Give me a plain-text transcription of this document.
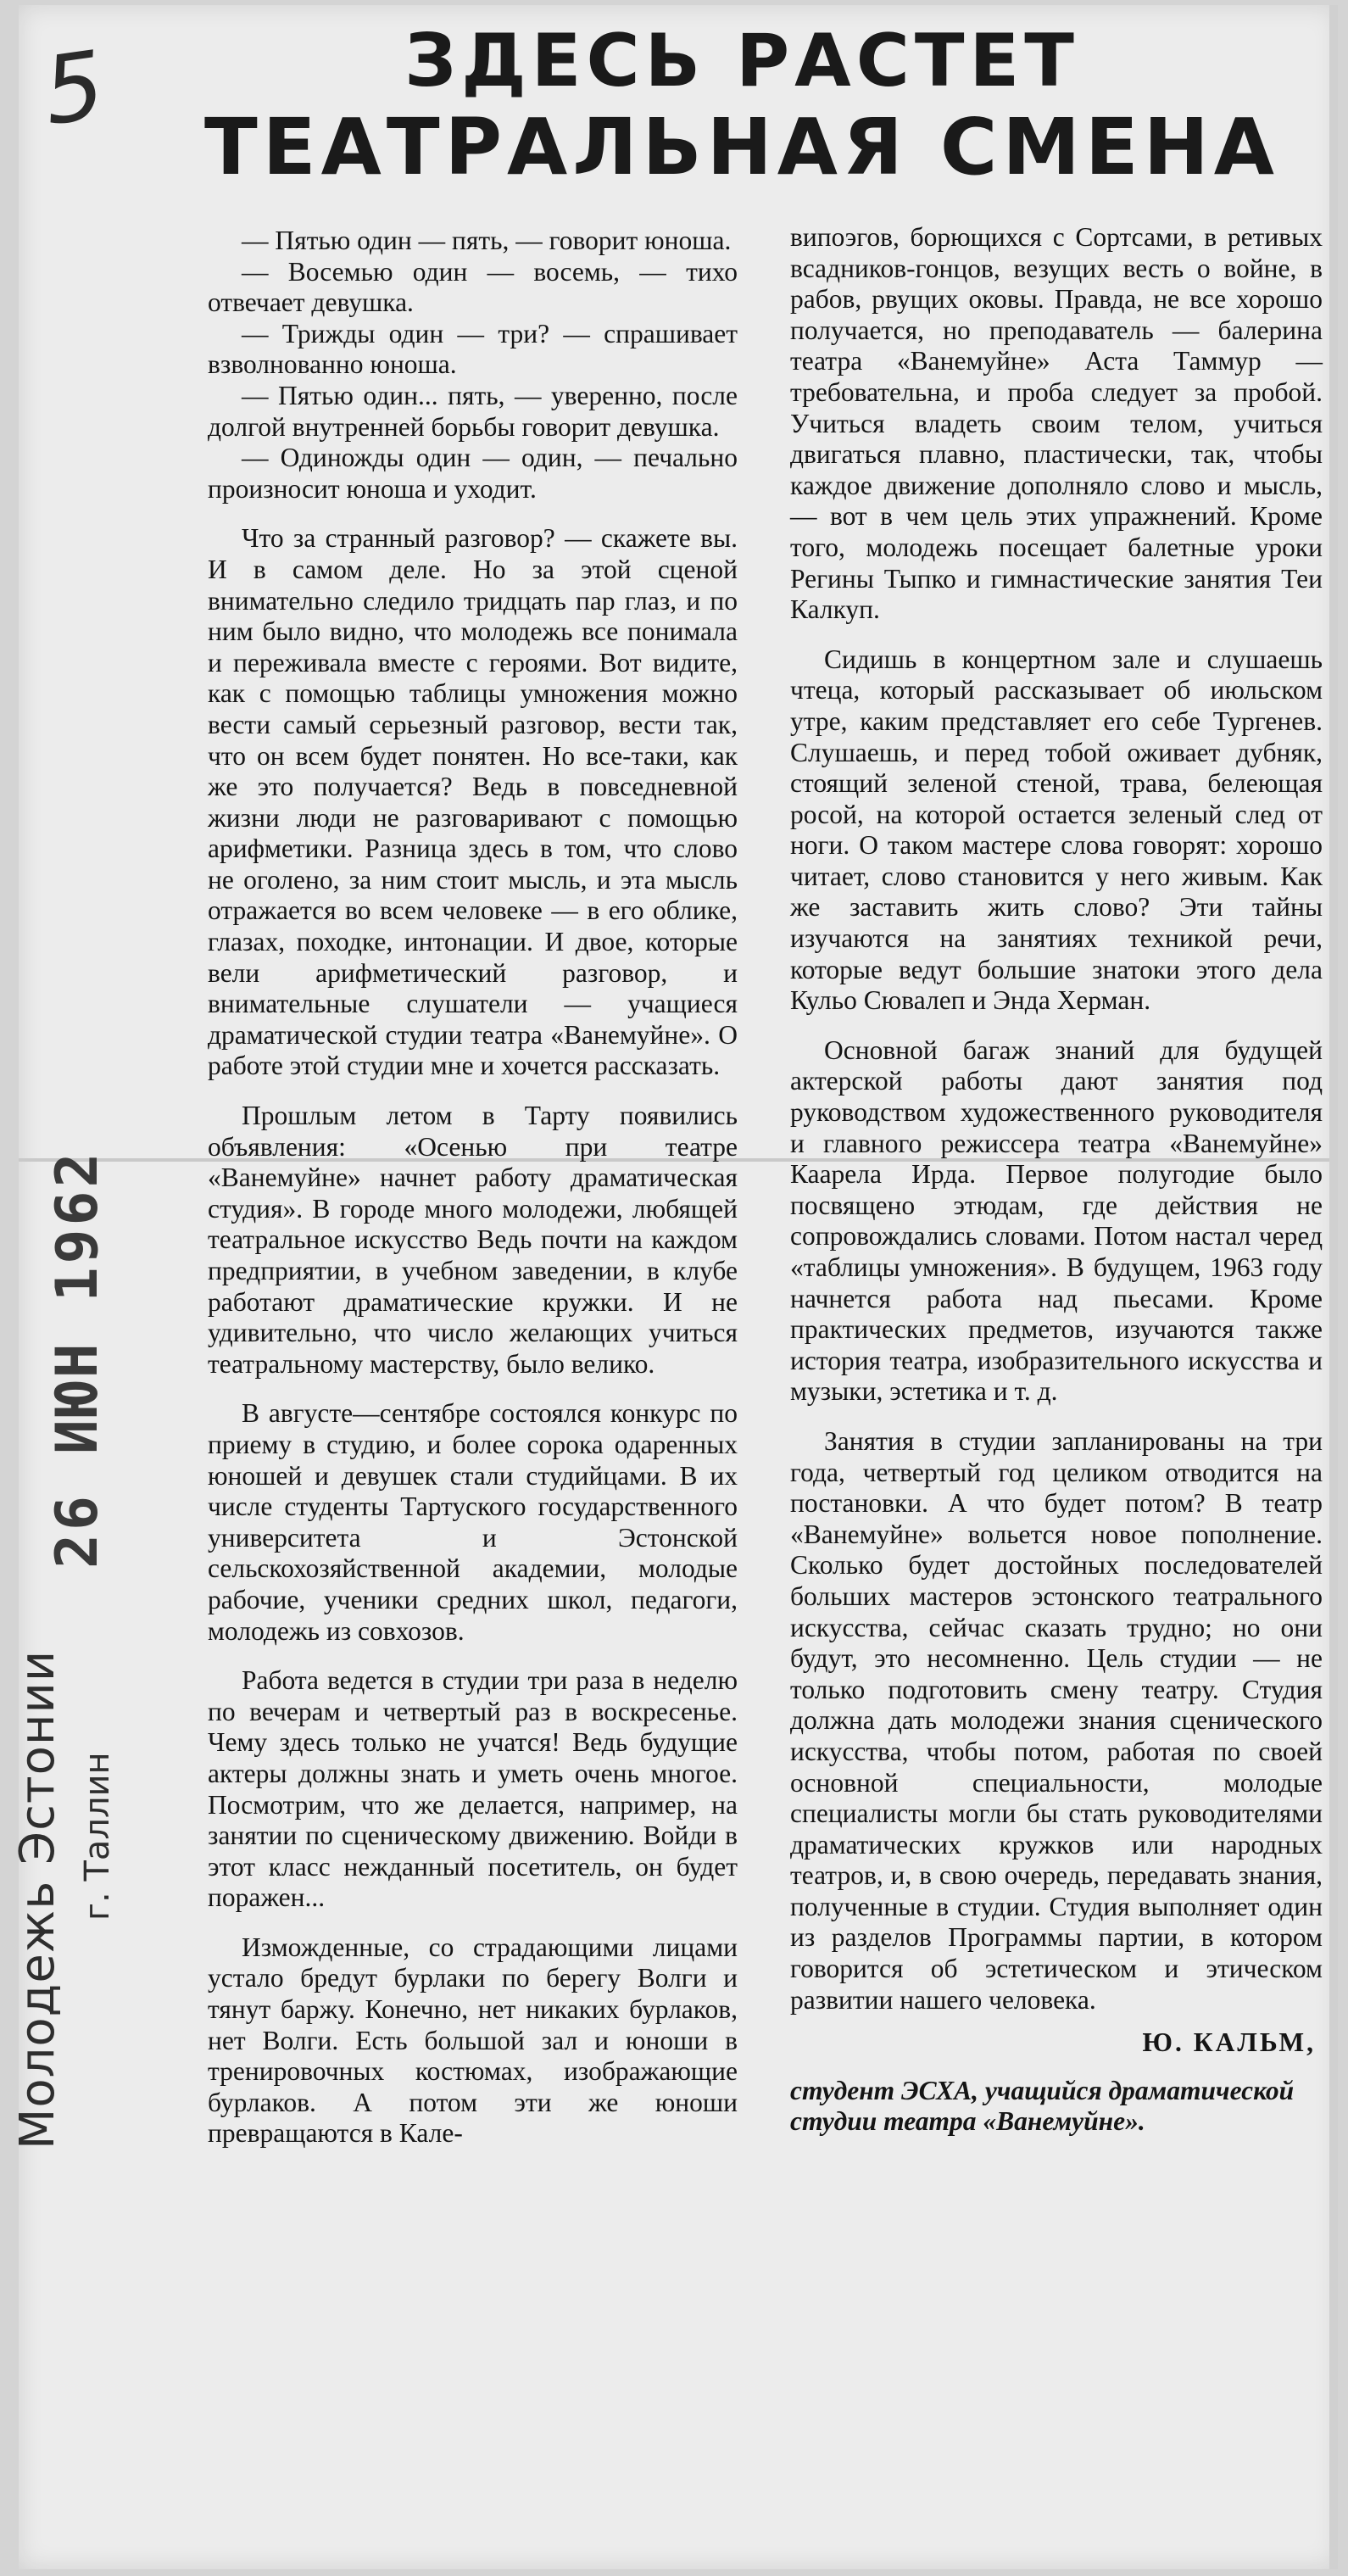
5	ЗДЕСЬ РАСТЕТ
ТЕАТРАЛЬНАЯ СМЕНА
Молодежь Эстонии г. Таллин
26 ИЮН 1962

— Пятью один — пять, — говорит юноша.

— Восемью один — восемь, — тихо отвечает девушка.

— Трижды один — три? — спрашивает взволнованно юноша.

— Пятью один... пять, — уверенно, после долгой внутренней борьбы говорит девушка.

— Одиножды один — один, — печально произносит юноша и уходит.

Что за странный разговор? — скажете вы. И в самом деле. Но за этой сценой внимательно следило тридцать пар глаз, и по ним было видно, что молодежь все понимала и переживала вместе с героями. Вот видите, как с помощью таблицы умножения можно вести самый серьезный разговор, вести так, что он всем будет понятен. Но все-таки, как же это получается? Ведь в повседневной жизни люди не разговаривают с помощью арифметики. Разница здесь в том, что слово не оголено, за ним стоит мысль, и эта мысль отражается во всем человеке — в его облике, глазах, походке, интонации. И двое, которые вели арифметический разговор, и внимательные слушатели — учащиеся драматической студии театра «Ванемуйне». О работе этой студии мне и хочется рассказать.

Прошлым летом в Тарту появились объявления: «Осенью при театре «Ванемуйне» начнет работу драматическая студия». В городе много молодежи, любящей театральное искусство Ведь почти на каждом предприятии, в учебном заведении, в клубе работают драматические кружки. И не удивительно, что число желающих учиться театральному мастерству, было велико.

В августе—сентябре состоялся конкурс по приему в студию, и более сорока одаренных юношей и девушек стали студийцами. В их числе студенты Тартуского государственного университета и Эстонской сельскохозяйственной академии, молодые рабочие, ученики средних школ, педагоги, молодежь из совхозов.

Работа ведется в студии три раза в неделю по вечерам и четвертый раз в воскресенье. Чему здесь только не учатся! Ведь будущие актеры должны знать и уметь очень многое. Посмотрим, что же делается, например, на занятии по сценическому движению. Войди в этот класс нежданный посетитель, он будет поражен...

Изможденные, со страдающими лицами устало бредут бурлаки по берегу Волги и тянут баржу. Конечно, нет никаких бурлаков, нет Волги. Есть большой зал и юноши в тренировочных костюмах, изображающие бурлаков. А потом эти же юноши превращаются в Кале-

випоэгов, борющихся с Сортсами, в ретивых всадников-гонцов, везущих весть о войне, в рабов, рвущих оковы. Правда, не все хорошо получается, но преподаватель — балерина театра «Ванемуйне» Аста Таммур — требовательна, и проба следует за пробой. Учиться владеть своим телом, учиться двигаться плавно, пластически, так, чтобы каждое движение дополняло слово и мысль, — вот в чем цель этих упражнений. Кроме того, молодежь посещает балетные уроки Регины Тыпко и гимнастические занятия Теи Калкуп.

Сидишь в концертном зале и слушаешь чтеца, который рассказывает об июльском утре, каким представляет его себе Тургенев. Слушаешь, и перед тобой оживает дубняк, стоящий зеленой стеной, трава, белеющая росой, на которой остается зеленый след от ноги. О таком мастере слова говорят: хорошо читает, слово становится у него живым. Как же заставить жить слово? Эти тайны изучаются на занятиях техникой речи, которые ведут большие знатоки этого дела Кульо Сювалеп и Энда Херман.

Основной багаж знаний для будущей актерской работы дают занятия под руководством художественного руководителя и главного режиссера театра «Ванемуйне» Каарела Ирда. Первое полугодие было посвящено этюдам, где действия не сопровождались словами. Потом настал черед «таблицы умножения». В будущем, 1963 году начнется работа над пьесами. Кроме практических предметов, изучаются также история театра, изобразительного искусства и музыки, эстетика и т. д.

Занятия в студии запланированы на три года, четвертый год целиком отводится на постановки. А что будет потом? В театр «Ванемуйне» вольется новое пополнение. Сколько будет достойных последователей больших мастеров эстонского театрального искусства, сейчас сказать трудно; но они будут, это несомненно. Цель студии — не только подготовить смену театру. Студия должна дать молодежи знания сценического искусства, чтобы потом, работая по своей основной специальности, молодые специалисты могли бы стать руководителями драматических кружков или народных театров, и, в свою очередь, передавать знания, полученные в студии. Студия выполняет один из разделов Программы партии, в котором говорится об эстетическом и этическом развитии нашего человека.

Ю. КАЛЬМ,

студент ЭСХА, учащийся драматической студии театра «Ванемуйне».
